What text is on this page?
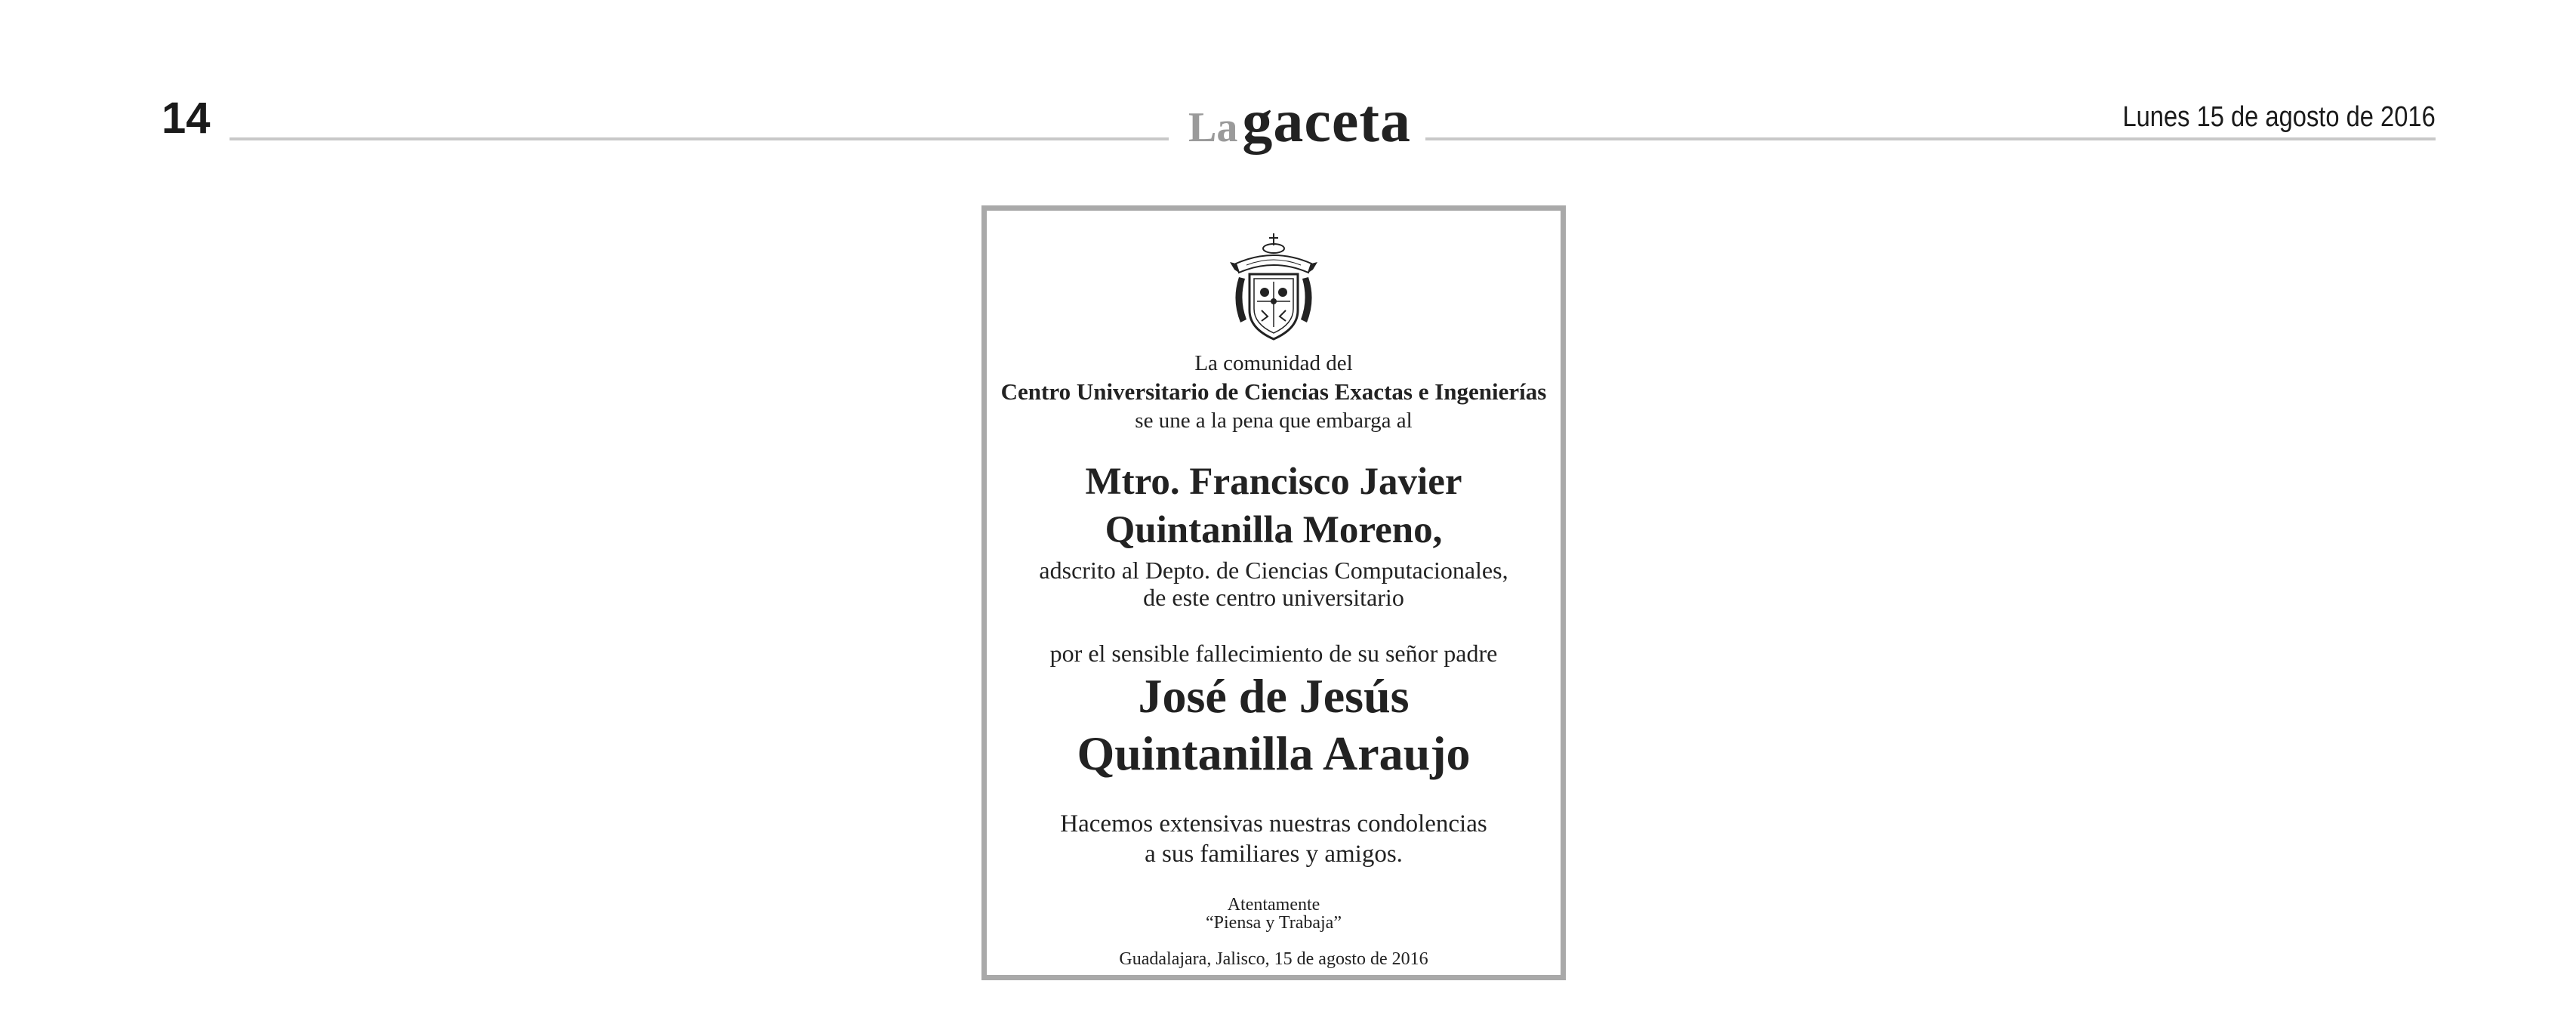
14	Lagaceta	Lunes 15 de agosto de 2016
La comunidad del
Centro Universitario de Ciencias Exactas e Ingenierías
se une a la pena que embarga al
Mtro. Francisco Javier
Quintanilla Moreno,
adscrito al Depto. de Ciencias Computacionales,
de este centro universitario
por el sensible fallecimiento de su señor padre
José de Jesús
Quintanilla Araujo
Hacemos extensivas nuestras condolencias
a sus familiares y amigos.
Atentamente
“Piensa y Trabaja”
Guadalajara, Jalisco, 15 de agosto de 2016
